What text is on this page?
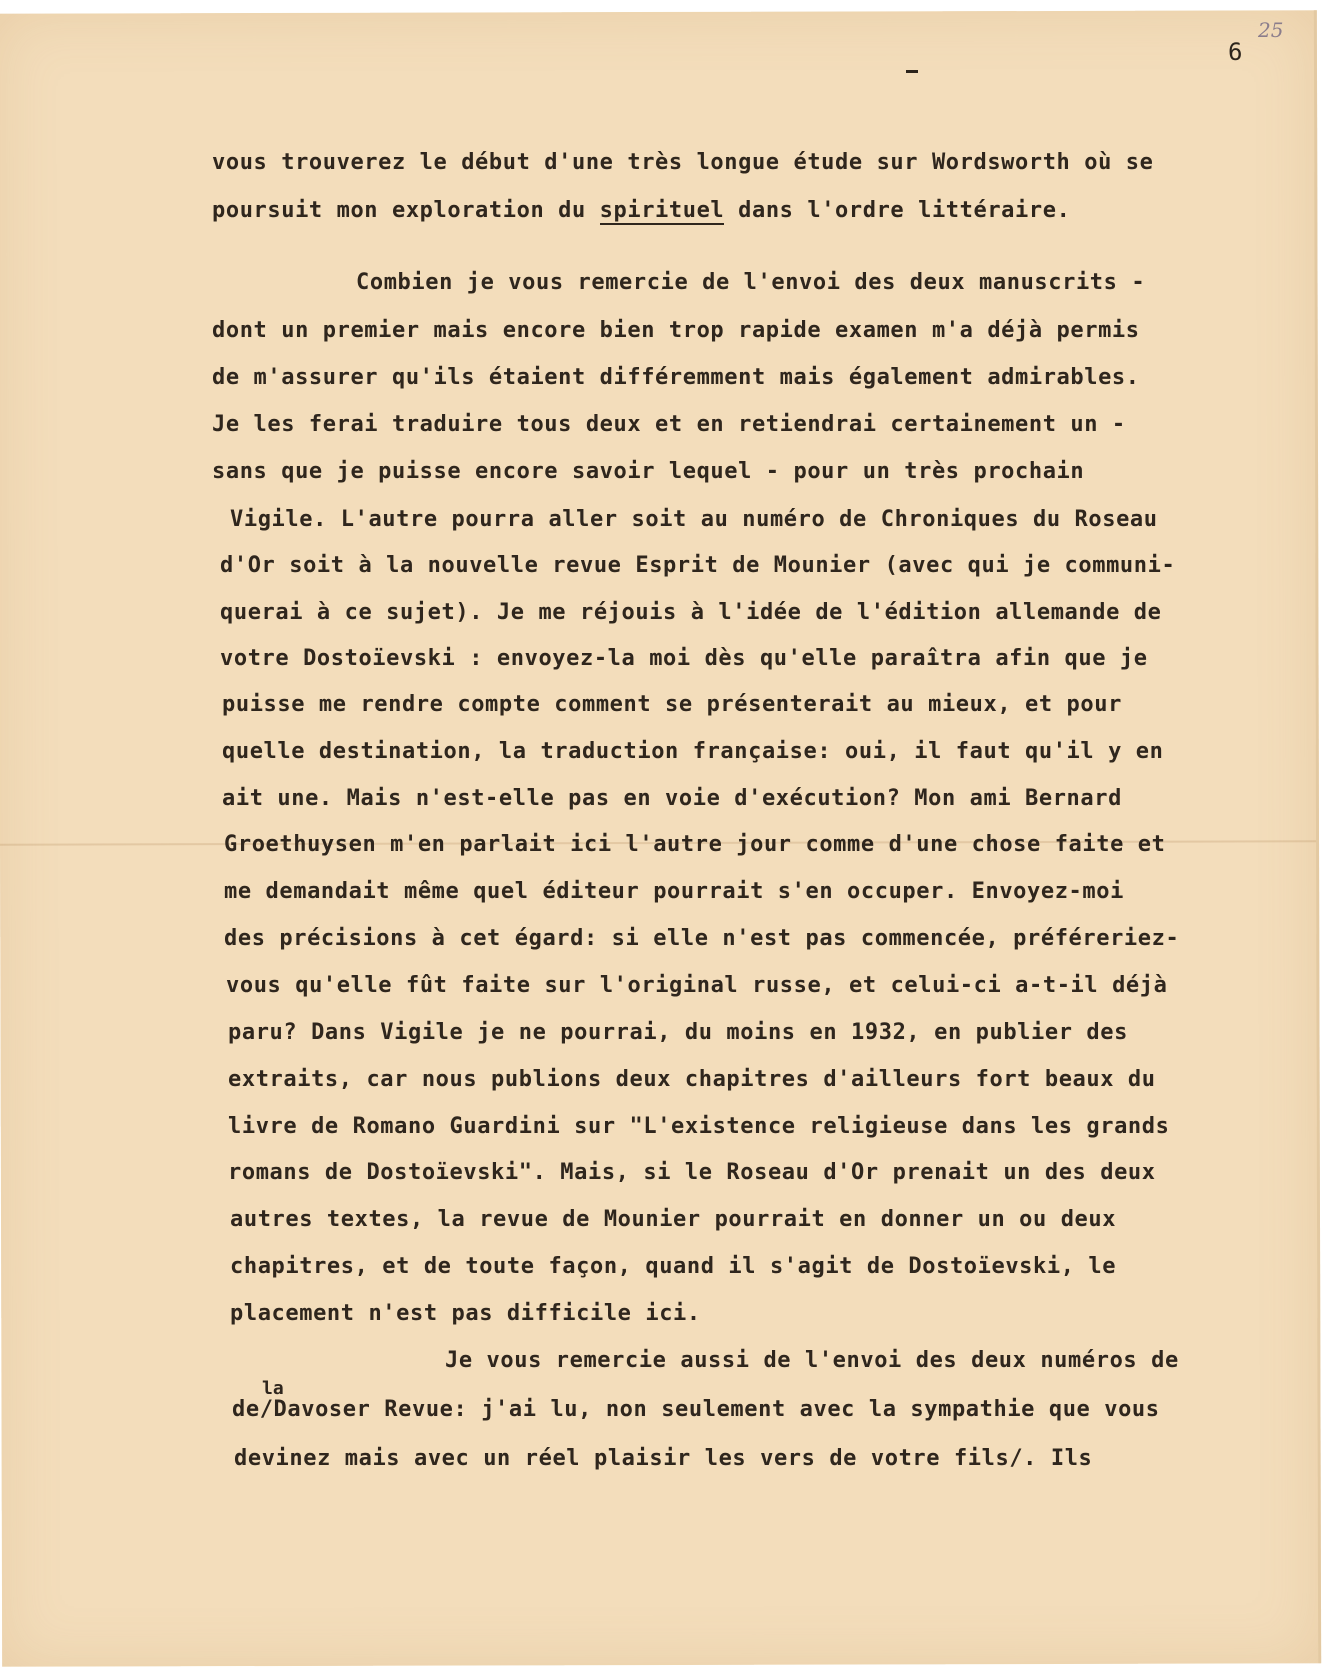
25
6
vous trouverez le début d'une très longue étude sur Wordsworth où se
poursuit mon exploration du spirituel dans l'ordre littéraire.
Combien je vous remercie de l'envoi des deux manuscrits -
dont un premier mais encore bien trop rapide examen m'a déjà permis
de m'assurer qu'ils étaient différemment mais également admirables.
Je les ferai traduire tous deux et en retiendrai certainement un -
sans que je puisse encore savoir lequel - pour un très prochain
Vigile. L'autre pourra aller soit au numéro de Chroniques du Roseau
d'Or soit à la nouvelle revue Esprit de Mounier (avec qui je communi-
querai à ce sujet). Je me réjouis à l'idée de l'édition allemande de
votre Dostoïevski : envoyez-la moi dès qu'elle paraîtra afin que je
puisse me rendre compte comment se présenterait au mieux, et pour
quelle destination, la traduction française: oui, il faut qu'il y en
ait une. Mais n'est-elle pas en voie d'exécution? Mon ami Bernard
Groethuysen m'en parlait ici l'autre jour comme d'une chose faite et
me demandait même quel éditeur pourrait s'en occuper. Envoyez-moi
des précisions à cet égard: si elle n'est pas commencée, préféreriez-
vous qu'elle fût faite sur l'original russe, et celui-ci a-t-il déjà
paru? Dans Vigile je ne pourrai, du moins en 1932, en publier des
extraits, car nous publions deux chapitres d'ailleurs fort beaux du
livre de Romano Guardini sur "L'existence religieuse dans les grands
romans de Dostoïevski". Mais, si le Roseau d'Or prenait un des deux
autres textes, la revue de Mounier pourrait en donner un ou deux
chapitres, et de toute façon, quand il s'agit de Dostoïevski, le
placement n'est pas difficile ici.
Je vous remercie aussi de l'envoi des deux numéros de
la
de/Davoser Revue: j'ai lu, non seulement avec la sympathie que vous
devinez mais avec un réel plaisir les vers de votre fils/. Ils
